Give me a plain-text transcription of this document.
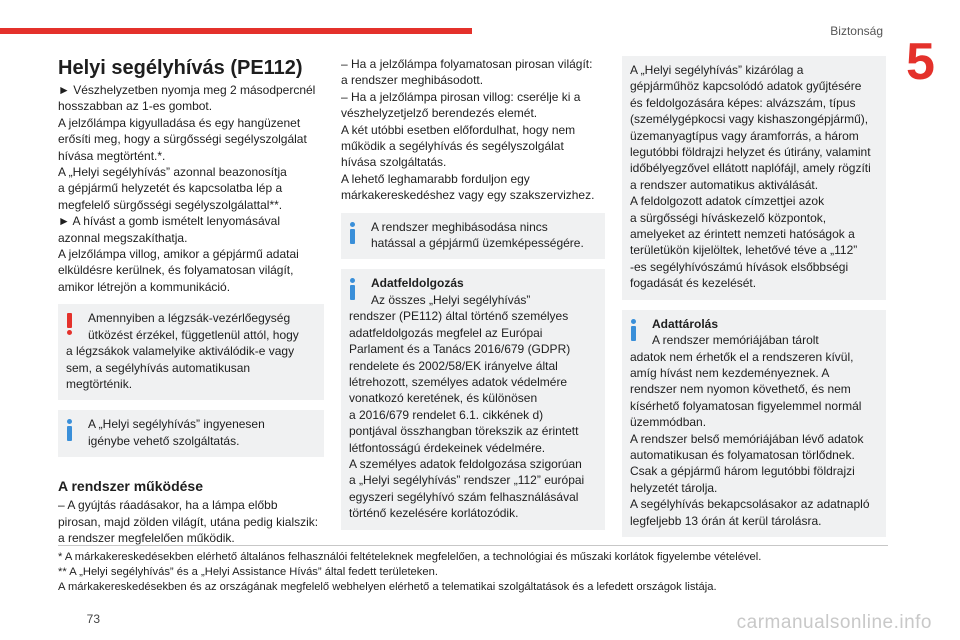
Biztonság
5
Helyi segélyhívás (PE112)

► Vészhelyzetben nyomja meg 2 másodpercnél

hosszabban az 1-es gombot.

A jelzőlámpa kigyulladása és egy hangüzenet

erősíti meg, hogy a sürgősségi segélyszolgálat

hívása megtörtént.*.

A „Helyi segélyhívás” azonnal beazonosítja

a gépjármű helyzetét és kapcsolatba lép a

megfelelő sürgősségi segélyszolgálattal**.

► A hívást a gomb ismételt lenyomásával

azonnal megszakíthatja.

A jelzőlámpa villog, amikor a gépjármű adatai

elküldésre kerülnek, és folyamatosan világít,

amikor létrejön a kommunikáció.

Amennyiben a légzsák-vezérlőegység

ütközést érzékel, függetlenül attól, hogy

a légzsákok valamelyike aktiválódik-e vagy

sem, a segélyhívás automatikusan

megtörténik.

A „Helyi segélyhívás” ingyenesen

igénybe vehető szolgáltatás.

A rendszer működése

– A gyújtás ráadásakor, ha a lámpa előbb

pirosan, majd zölden világít, utána pedig kialszik:

a rendszer megfelelően működik.

– Ha a jelzőlámpa folyamatosan pirosan világít:

a rendszer meghibásodott.

– Ha a jelzőlámpa pirosan villog: cserélje ki a

vészhelyzetjelző berendezés elemét.

A két utóbbi esetben előfordulhat, hogy nem

működik a segélyhívás és segélyszolgálat

hívása szolgáltatás.

A lehető leghamarabb forduljon egy

márkakereskedéshez vagy egy szakszervizhez.

A rendszer meghibásodása nincs

hatással a gépjármű üzemképességére.

Adatfeldolgozás

Az összes „Helyi segélyhívás”

rendszer (PE112) által történő személyes

adatfeldolgozás megfelel az Európai

Parlament és a Tanács 2016/679 (GDPR)

rendelete és 2002/58/EK irányelve által

létrehozott, személyes adatok védelmére

vonatkozó keretének, és különösen

a 2016/679 rendelet 6.1. cikkének d)

pontjával összhangban törekszik az érintett

létfontosságú érdekeinek védelmére.

A személyes adatok feldolgozása szigorúan

a „Helyi segélyhívás” rendszer „112” európai

egyszeri segélyhívó szám felhasználásával

történő kezelésére korlátozódik.

A „Helyi segélyhívás” kizárólag a

gépjárműhöz kapcsolódó adatok gyűjtésére

és feldolgozására képes: alvázszám, típus

(személygépkocsi vagy kishaszongépjármű),

üzemanyagtípus vagy áramforrás, a három

legutóbbi földrajzi helyzet és útirány, valamint

időbélyegzővel ellátott naplófájl, amely rögzíti

a rendszer automatikus aktiválását.

A feldolgozott adatok címzettjei azok

a sürgősségi híváskezelő központok,

amelyeket az érintett nemzeti hatóságok a

területükön kijelöltek, lehetővé téve a „112”

-es segélyhívószámú hívások elsőbbségi

fogadását és kezelését.

Adattárolás

A rendszer memóriájában tárolt

adatok nem érhetők el a rendszeren kívül,

amíg hívást nem kezdeményeznek. A

rendszer nem nyomon követhető, és nem

kísérhető folyamatosan figyelemmel normál

üzemmódban.

A rendszer belső memóriájában lévő adatok

automatikusan és folyamatosan törlődnek.

Csak a gépjármű három legutóbbi földrajzi

helyzetét tárolja.

A segélyhívás bekapcsolásakor az adatnapló

legfeljebb 13 órán át kerül tárolásra.

* A márkakereskedésekben elérhető általános felhasználói feltételeknek megfelelően, a technológiai és műszaki korlátok figyelembe vételével.

** A „Helyi segélyhívás” és a „Helyi Assistance Hívás” által fedett területeken.

A márkakereskedésekben és az országának megfelelő webhelyen elérhető a telematikai szolgáltatások és a lefedett országok listája.

carmanualsonline.info
73
